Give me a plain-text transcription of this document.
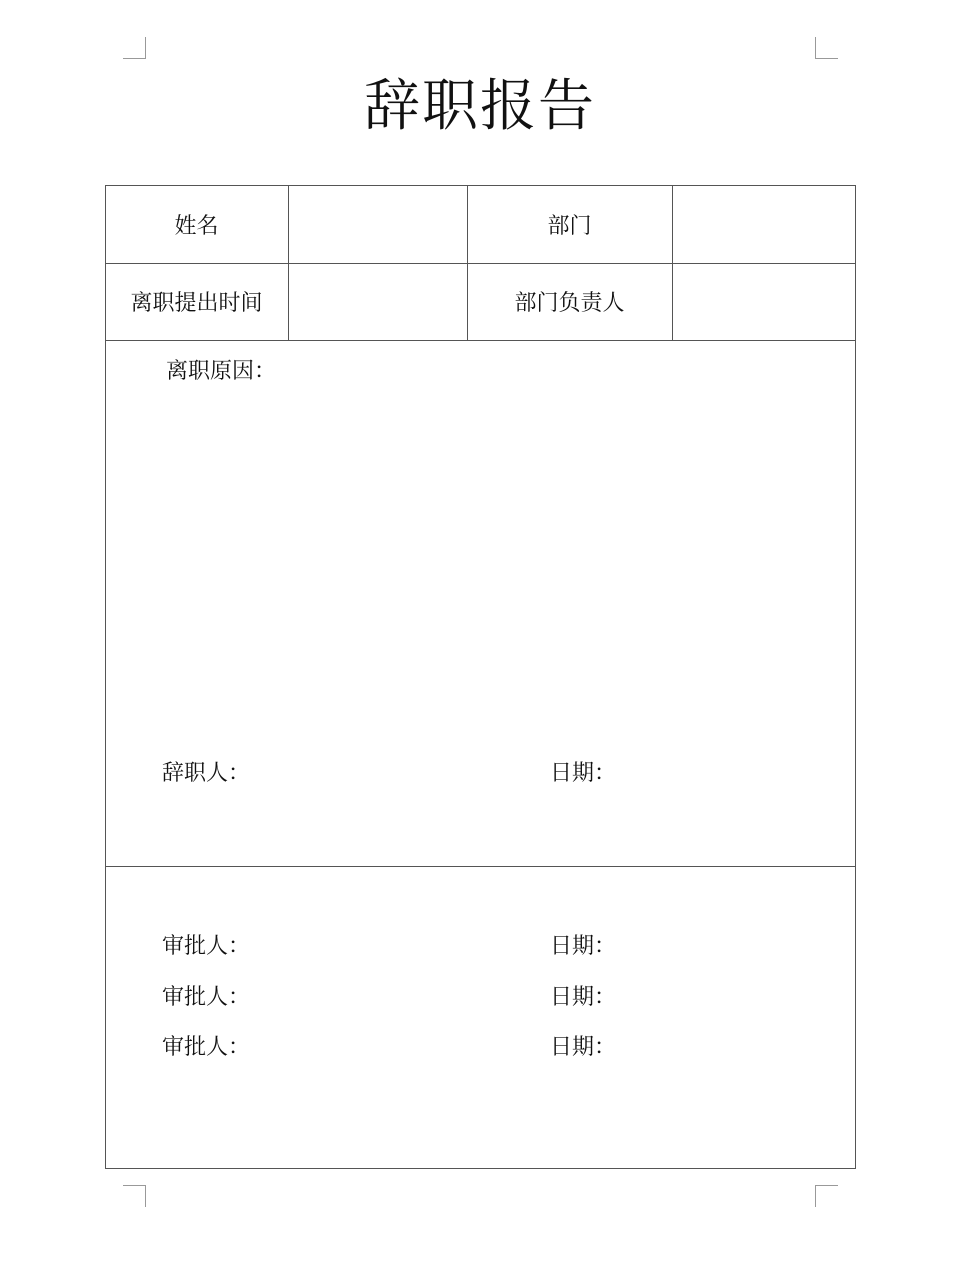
辞职报告
姓名	部门
离职提出时间	部门负责人
离职原因：
辞职人：	日期：
审批人：	日期：
审批人：	日期：
审批人：	日期：
